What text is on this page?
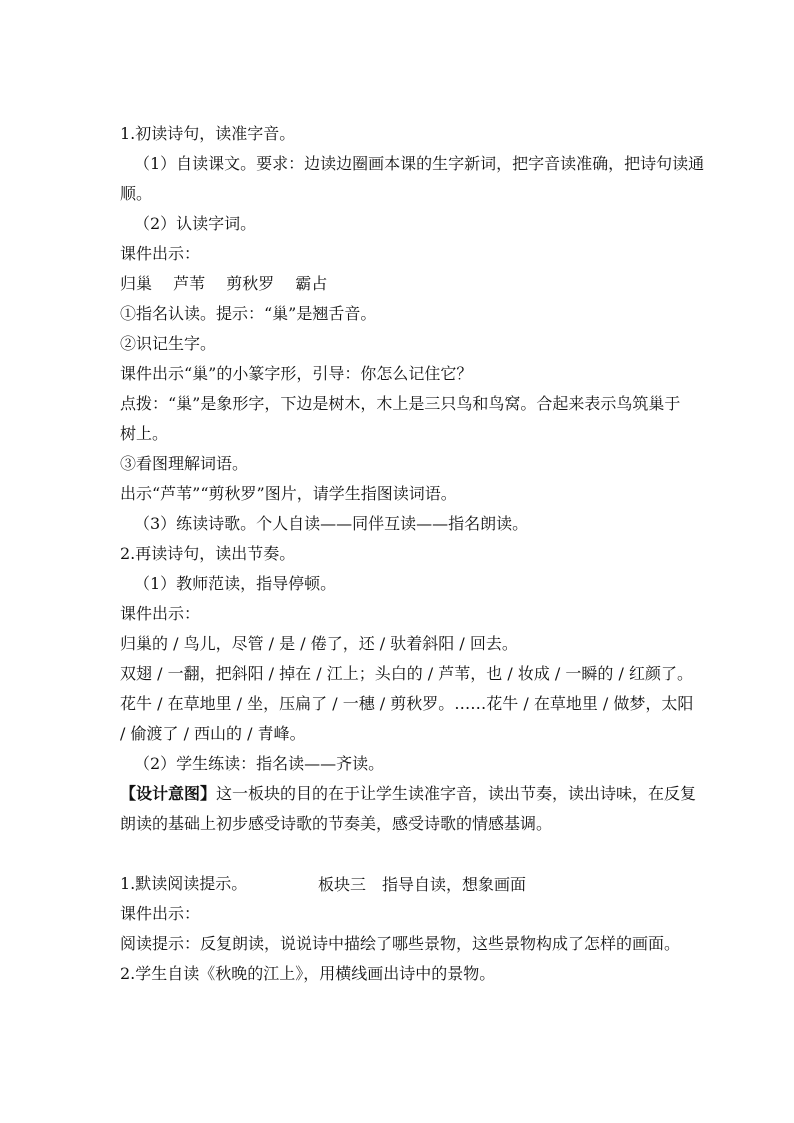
1.初读诗句，读准字音。

（1）自读课文。要求：边读边圈画本课的生字新词，把字音读准确，把诗句读通

顺。

（2）认读字词。

课件出示：

归巢 芦苇 剪秋罗 霸占

①指名认读。提示：“巢”是翘舌音。

②识记生字。

课件出示“巢”的小篆字形，引导：你怎么记住它？

点拨：“巢”是象形字，下边是树木，木上是三只鸟和鸟窝。合起来表示鸟筑巢于

树上。

③看图理解词语。

出示“芦苇”“剪秋罗”图片，请学生指图读词语。

（3）练读诗歌。个人自读——同伴互读——指名朗读。

2.再读诗句，读出节奏。

（1）教师范读，指导停顿。

课件出示：

归巢的 / 鸟儿，尽管 / 是 / 倦了，还 / 驮着斜阳 / 回去。

双翅 / 一翻，把斜阳 / 掉在 / 江上；头白的 / 芦苇，也 / 妆成 / 一瞬的 / 红颜了。

花牛 / 在草地里 / 坐，压扁了 / 一穗 / 剪秋罗。……花牛 / 在草地里 / 做梦，太阳

/ 偷渡了 / 西山的 / 青峰。

（2）学生练读：指名读——齐读。

【设计意图】这一板块的目的在于让学生读准字音，读出节奏，读出诗味，在反复

朗读的基础上初步感受诗歌的节奏美，感受诗歌的情感基调。

1.默读阅读提示。

课件出示：

阅读提示：反复朗读，说说诗中描绘了哪些景物，这些景物构成了怎样的画面。

2.学生自读《秋晚的江上》，用横线画出诗中的景物。

板块三　指导自读，想象画面
